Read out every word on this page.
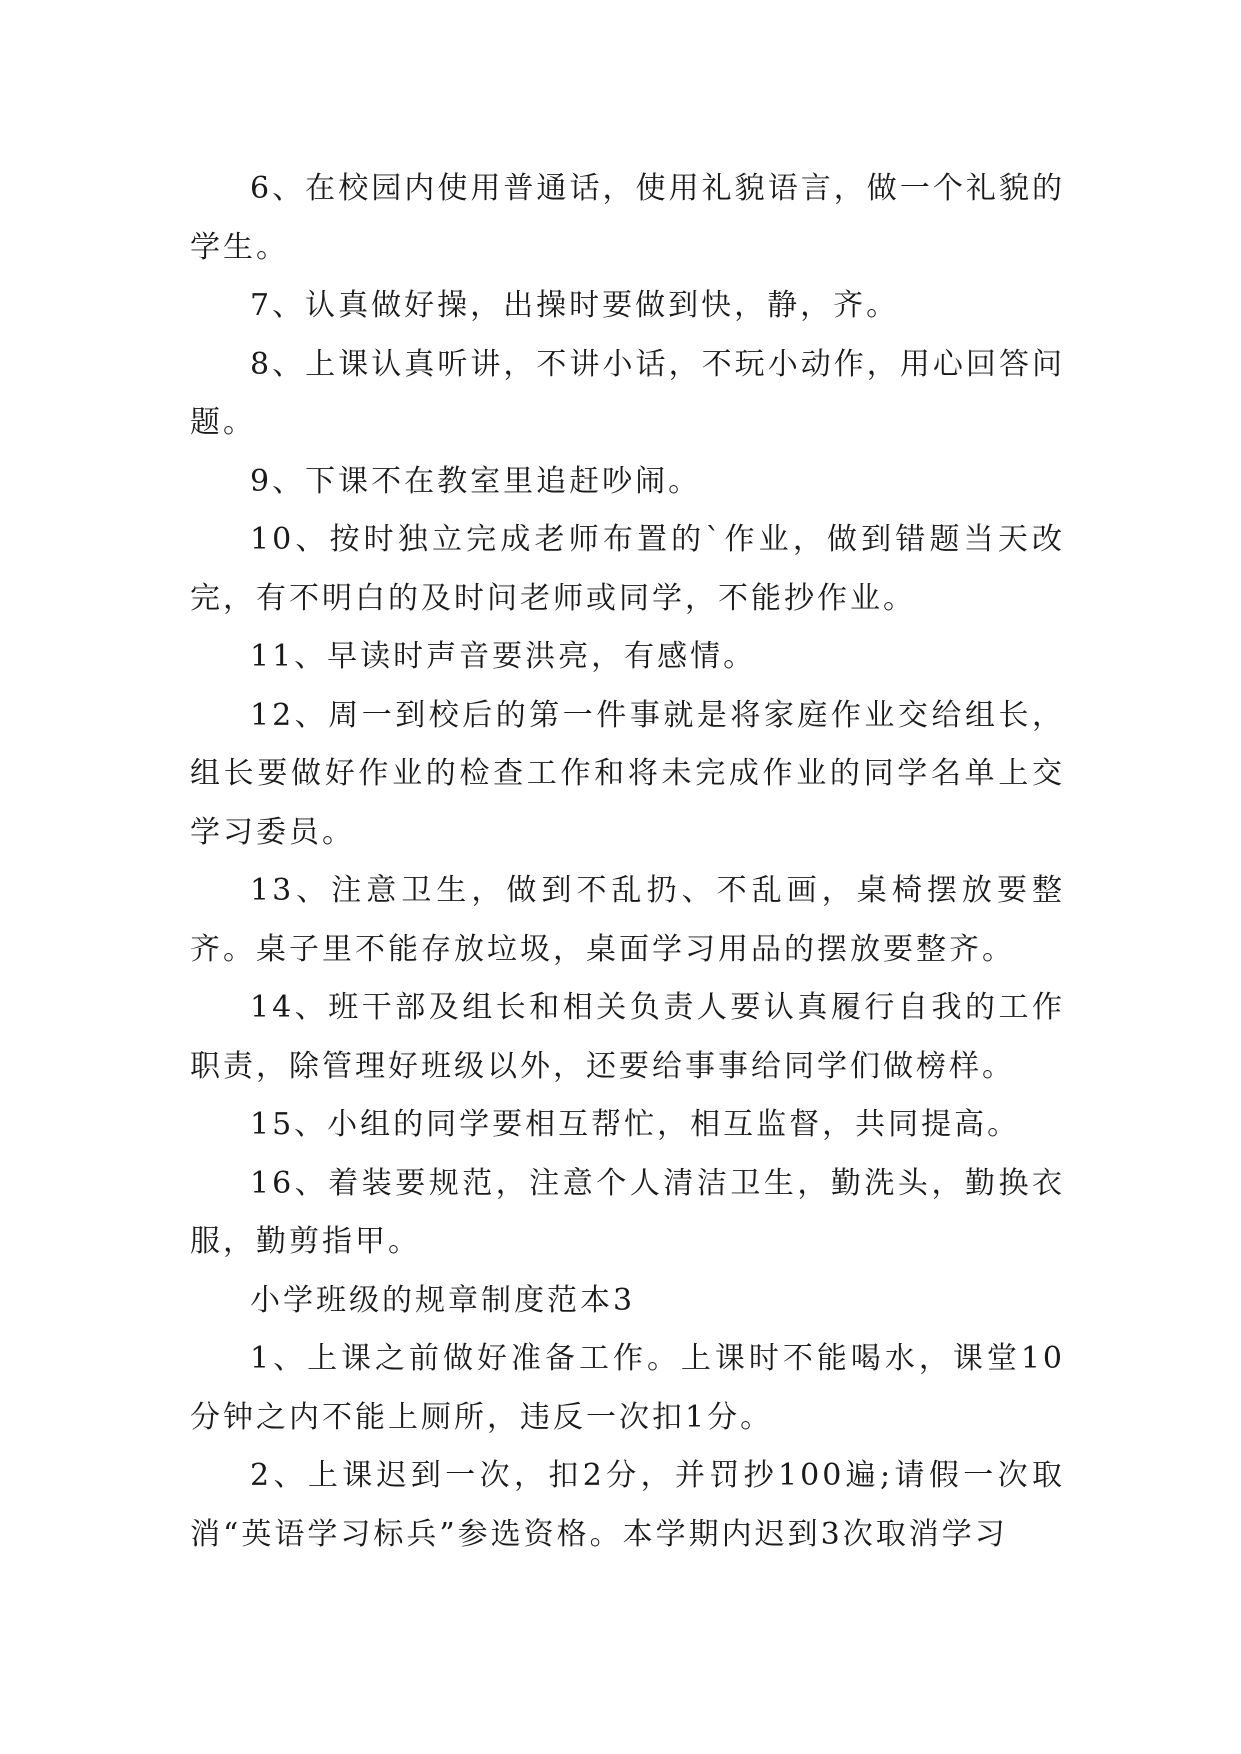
6、在校园内使用普通话，使用礼貌语言，做一个礼貌的学生。

7、认真做好操，出操时要做到快，静，齐。

8、上课认真听讲，不讲小话，不玩小动作，用心回答问题。

9、下课不在教室里追赶吵闹。

10、按时独立完成老师布置的`作业，做到错题当天改完，有不明白的及时问老师或同学，不能抄作业。

11、早读时声音要洪亮，有感情。

12、周一到校后的第一件事就是将家庭作业交给组长，组长要做好作业的检查工作和将未完成作业的同学名单上交学习委员。

13、注意卫生，做到不乱扔、不乱画，桌椅摆放要整齐。桌子里不能存放垃圾，桌面学习用品的摆放要整齐。

14、班干部及组长和相关负责人要认真履行自我的工作职责，除管理好班级以外，还要给事事给同学们做榜样。

15、小组的同学要相互帮忙，相互监督，共同提高。

16、着装要规范，注意个人清洁卫生，勤洗头，勤换衣服，勤剪指甲。

小学班级的规章制度范本3

1、上课之前做好准备工作。上课时不能喝水，课堂10分钟之内不能上厕所，违反一次扣1分。

2、上课迟到一次，扣2分，并罚抄100遍;请假一次取消“英语学习标兵”参选资格。本学期内迟到3次取消学习
